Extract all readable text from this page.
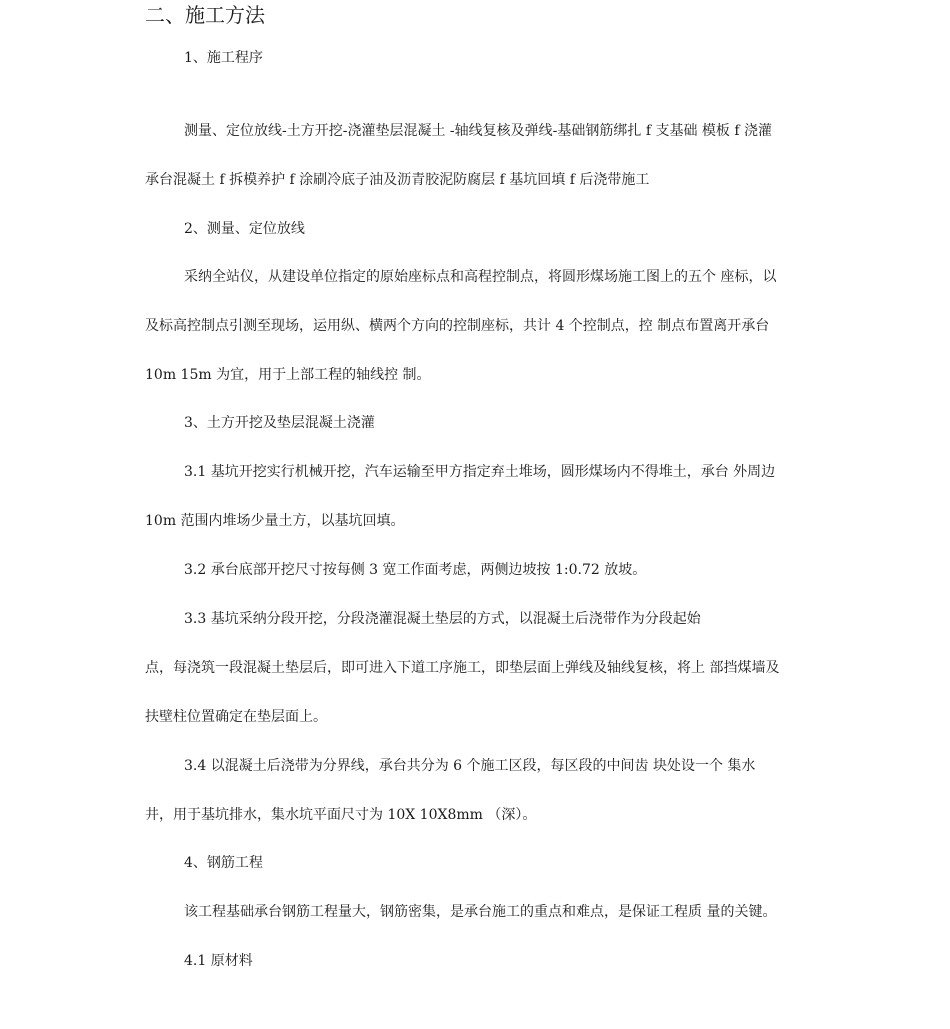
二、施工方法
1、施工程序
测量、定位放线-土方开挖-浇灌垫层混凝土 -轴线复核及弹线-基础钢筋绑扎 f 支基础 模板 f 浇灌
承台混凝土 f 拆模养护 f 涂刷冷底子油及沥青胶泥防腐层 f 基坑回填 f 后浇带施工
2、测量、定位放线
采纳全站仪，从建设单位指定的原始座标点和高程控制点，将圆形煤场施工图上的五个 座标，以
及标高控制点引测至现场，运用纵、横两个方向的控制座标，共计 4 个控制点，控 制点布置离开承台
10m 15m 为宜，用于上部工程的轴线控 制。
3、土方开挖及垫层混凝土浇灌
3.1 基坑开挖实行机械开挖，汽车运输至甲方指定弃土堆场，圆形煤场内不得堆土，承台 外周边
10m 范围内堆场少量土方，以基坑回填。
3.2 承台底部开挖尺寸按每侧 3 宽工作面考虑，两侧边坡按 1:0.72 放坡。
3.3 基坑采纳分段开挖，分段浇灌混凝土垫层的方式，以混凝土后浇带作为分段起始
点，每浇筑一段混凝土垫层后，即可进入下道工序施工，即垫层面上弹线及轴线复核，将上 部挡煤墙及
扶壁柱位置确定在垫层面上。
3.4 以混凝土后浇带为分界线，承台共分为 6 个施工区段，每区段的中间齿 块处设一个 集水
井，用于基坑排水，集水坑平面尺寸为 10X 10X8mm （深）。
4、钢筋工程
该工程基础承台钢筋工程量大，钢筋密集，是承台施工的重点和难点，是保证工程质 量的关键。
4.1 原材料
